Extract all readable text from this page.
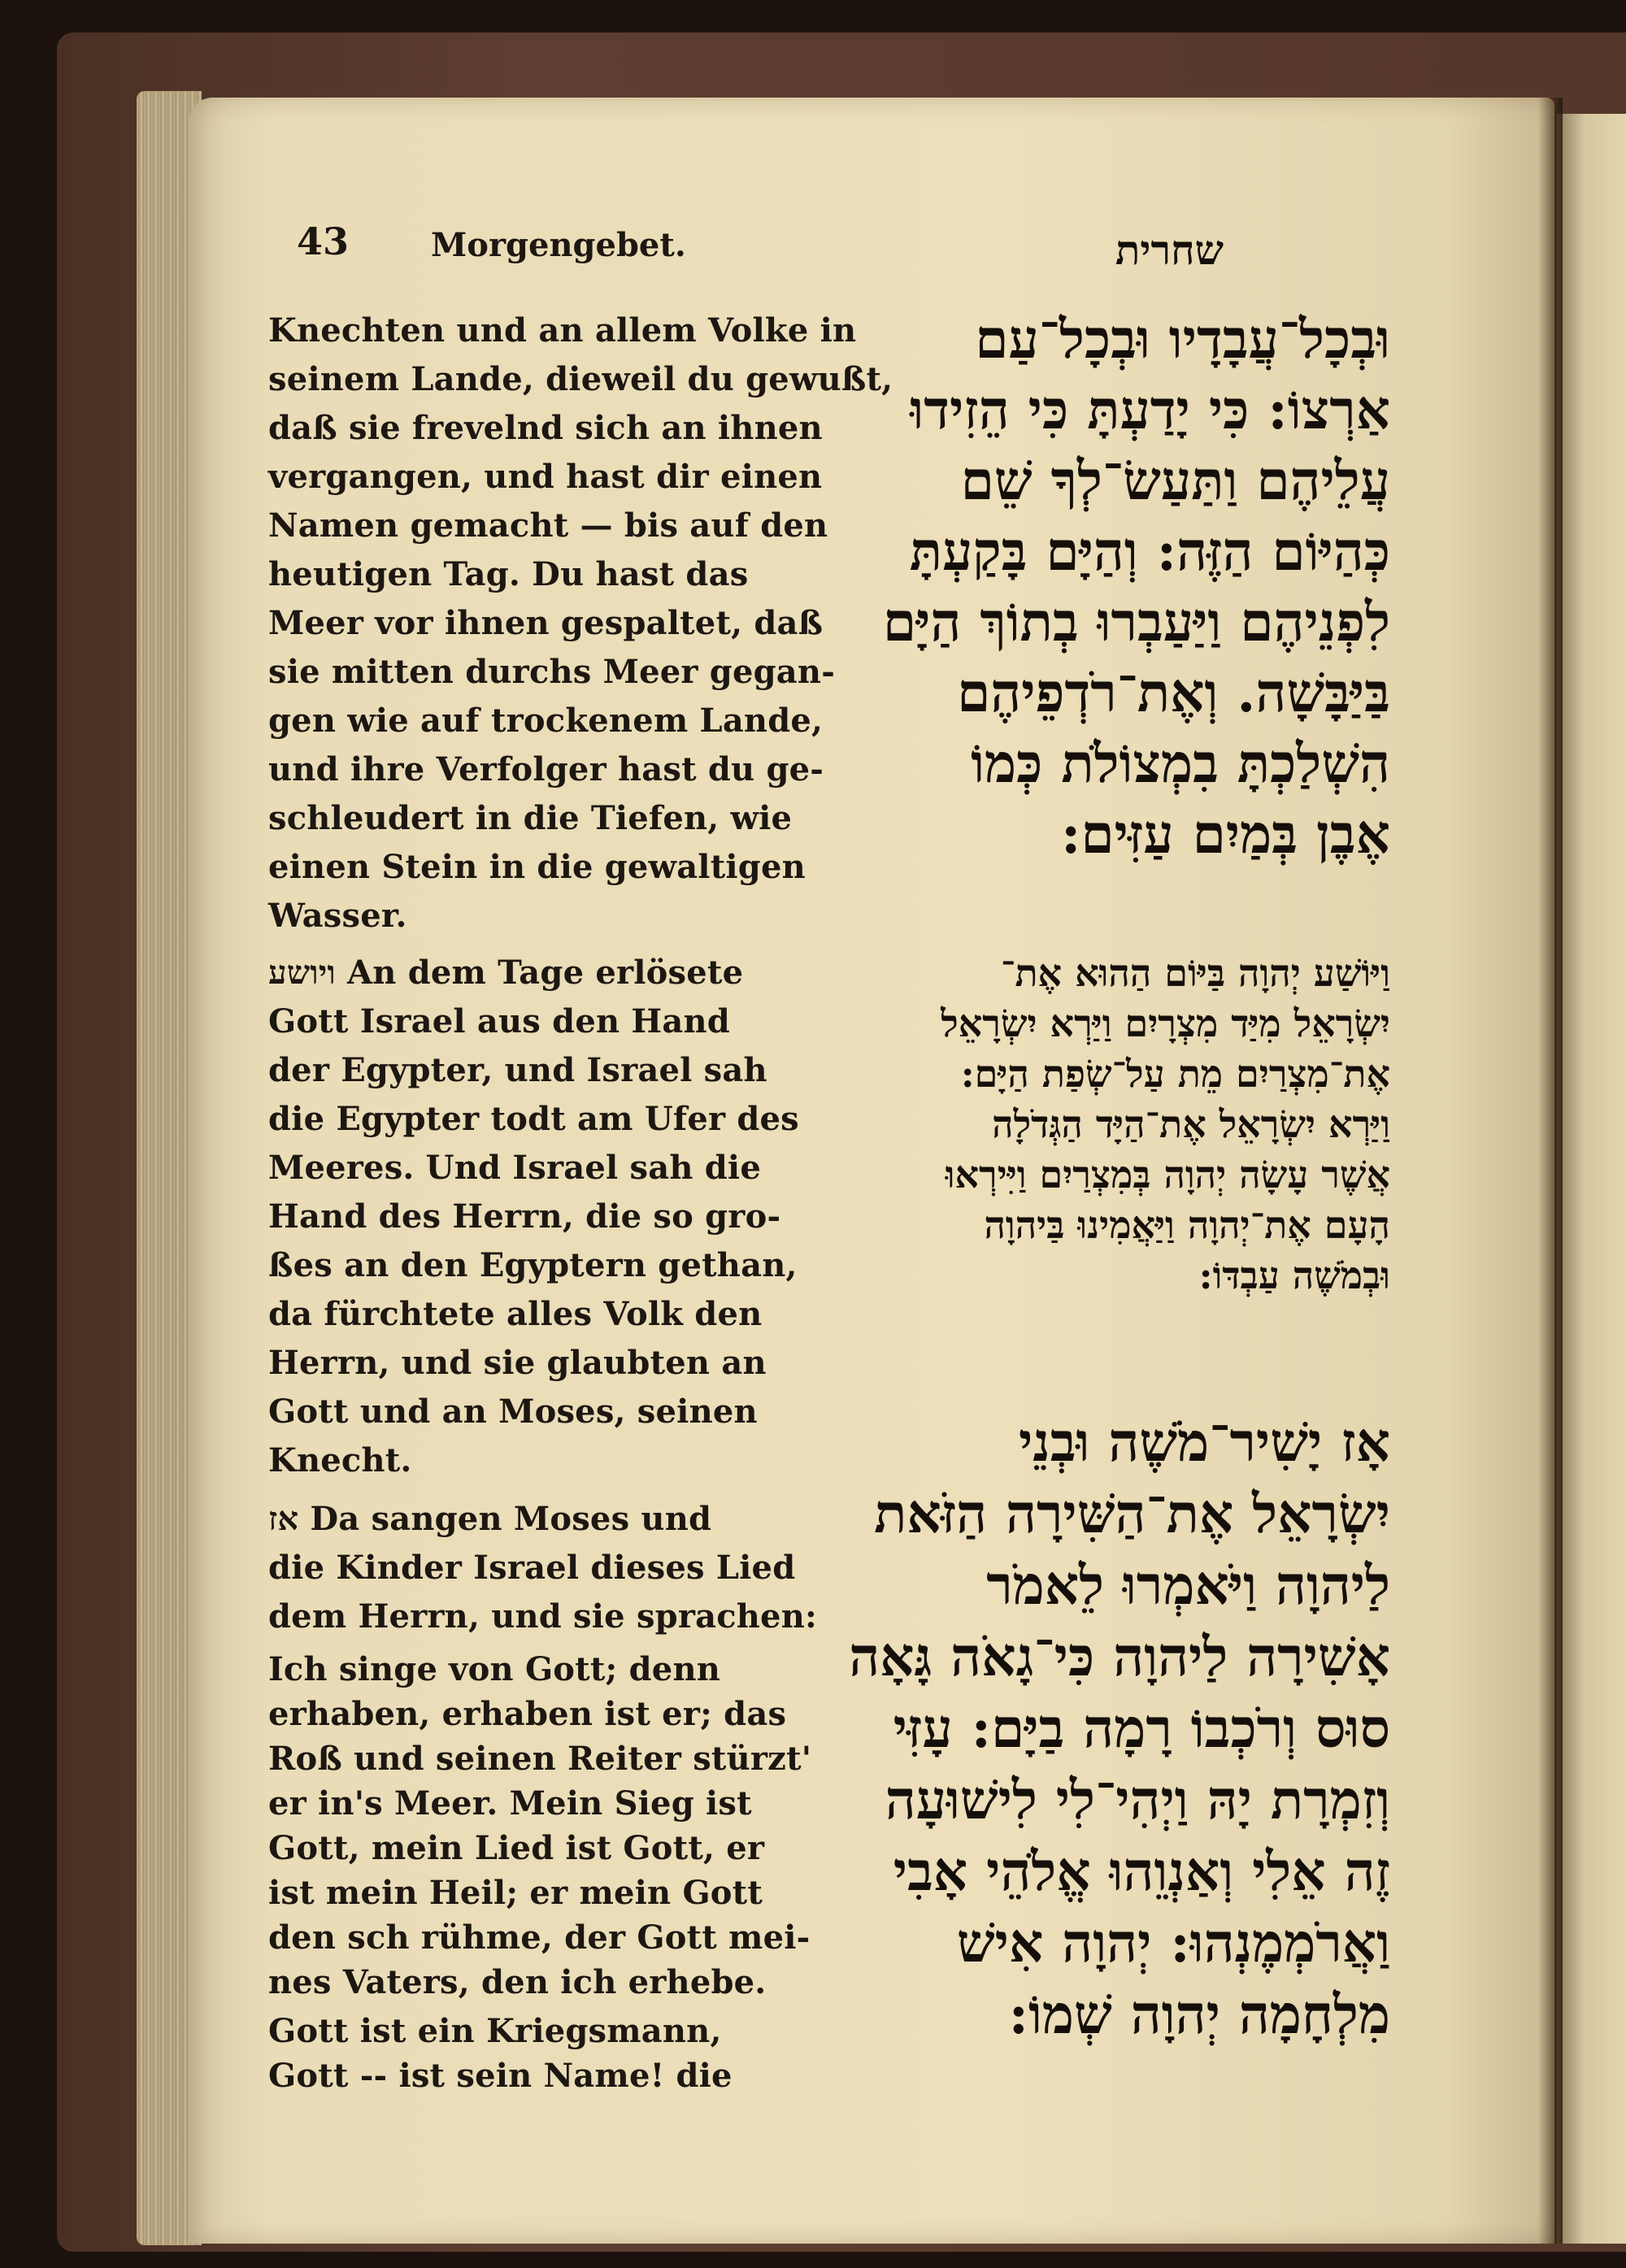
43	Morgengebet.	שחרית
Knechten und an allem Volke in
seinem Lande, dieweil du gewußt,
daß sie frevelnd sich an ihnen
vergangen, und hast dir einen
Namen gemacht — bis auf den
heutigen Tag. Du hast das
Meer vor ihnen gespaltet, daß
sie mitten durchs Meer gegan-
gen wie auf trockenem Lande,
und ihre Verfolger hast du ge-
schleudert in die Tiefen, wie
einen Stein in die gewaltigen
Wasser.
ויושע An dem Tage erlösete
Gott Israel aus den Hand
der Egypter, und Israel sah
die Egypter todt am Ufer des
Meeres. Und Israel sah die
Hand des Herrn, die so gro-
ßes an den Egyptern gethan,
da fürchtete alles Volk den
Herrn, und sie glaubten an
Gott und an Moses, seinen
Knecht.
אז Da sangen Moses und
die Kinder Israel dieses Lied
dem Herrn, und sie sprachen:
Ich singe von Gott; denn
erhaben, erhaben ist er; das
Roß und seinen Reiter stürzt'
er in's Meer. Mein Sieg ist
Gott, mein Lied ist Gott, er
ist mein Heil; er mein Gott
den sch rühme, der Gott mei-
nes Vaters, den ich erhebe.
Gott ist ein Kriegsmann,
Gott -- ist sein Name! die
וּבְכָל־עֲבָדָיו וּבְכָל־עַם
אַרְצוֹ: כִּי יָדַעְתָּ כִּי הֵזִידוּ
עֲלֵיהֶם וַתַּעַשׂ־לְךָ שֵׁם
כְּהַיּוֹם הַזֶּה: וְהַיָּם בָּקַעְתָּ
לִפְנֵיהֶם וַיַּעַבְרוּ בְתוֹךְ הַיָּם
בַּיַּבָּשָׁה. וְאֶת־רֹדְפֵיהֶם
הִשְׁלַכְתָּ בִמְצוֹלֹת כְּמוֹ
אֶבֶן בְּמַיִם עַזִּים:
וַיּוֹשַׁע יְהוָה בַּיּוֹם הַהוּא אֶת־
יִשְׂרָאֵל מִיַּד מִצְרָיִם וַיַּרְא יִשְׂרָאֵל
אֶת־מִצְרַיִם מֵת עַל־שְׂפַת הַיָּם:
וַיַּרְא יִשְׂרָאֵל אֶת־הַיָּד הַגְּדֹלָה
אֲשֶׁר עָשָׂה יְהוָה בְּמִצְרַיִם וַיִּירְאוּ
הָעָם אֶת־יְהוָה וַיַּאֲמִינוּ בַּיהוָה
וּבְמֹשֶׁה עַבְדּוֹ:
אָז יָשִׁיר־מֹשֶׁה וּבְנֵי
יִשְׂרָאֵל אֶת־הַשִּׁירָה הַזֹּאת
לַיהוָה וַיֹּאמְרוּ לֵאמֹר
אָשִׁירָה לַיהוָה כִּי־גָאֹה גָּאָה
סוּס וְרֹכְבוֹ רָמָה בַיָּם: עָזִּי
וְזִמְרָת יָהּ וַיְהִי־לִי לִישׁוּעָה
זֶה אֵלִי וְאַנְוֵהוּ אֱלֹהֵי אָבִי
וַאֲרֹמְמֶנְהוּ: יְהוָה אִישׁ
מִלְחָמָה יְהוָה שְׁמוֹ:
